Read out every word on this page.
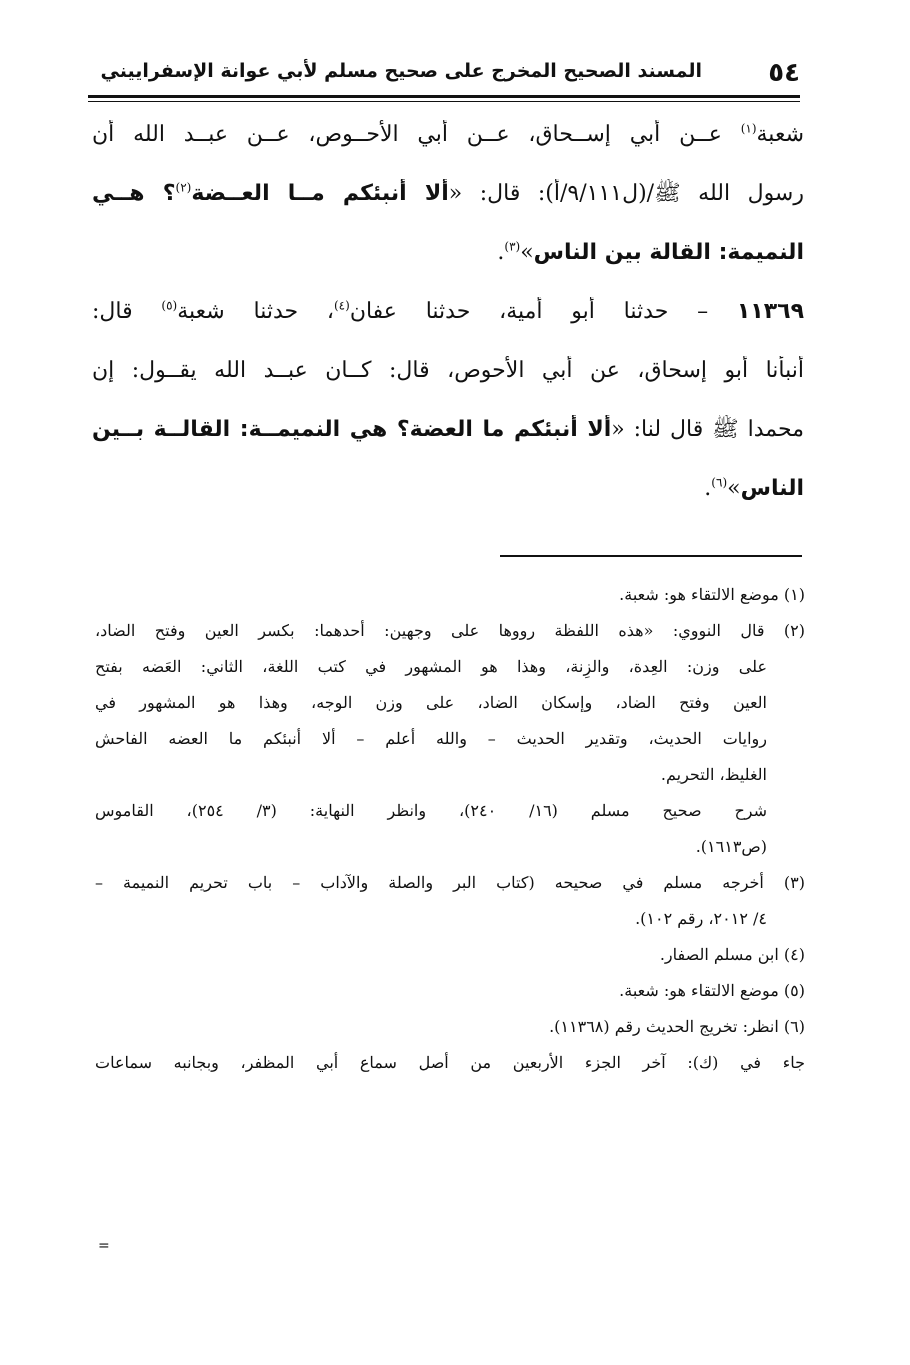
٥٤
المسند الصحيح المخرج على صحيح مسلم لأبي عوانة الإسفراييني
شعبة$^{(١)}$ عــن أبي إســحاق، عــن أبي الأحــوص، عــن عبــد الله أن
رسول الله ﷺ/(ل٩/١١١/أ): قال: «ألا أنبئكم مــا العــضة$^{(٢)}$؟ هــي
النميمة: القالة بين الناس»$^{(٣)}$.
١١٣٦٩ – حدثنا أبو أمية، حدثنا عفان$^{(٤)}$، حدثنا شعبة$^{(٥)}$ قال:
أنبأنا أبو إسحاق، عن أبي الأحوص، قال: كــان عبــد الله يقــول: إن
محمدا ﷺ قال لنا: «ألا أنبئكم ما العضة؟ هي النميمــة: القالــة بــين
الناس»$^{(٦)}$.
(١) موضع الالتقاء هو: شعبة.
(٢) قال النووي: «هذه اللفظة رووها على وجهين: أحدهما: بكسر العين وفتح الضاد،
على وزن: العِدة، والزِنة، وهذا هو المشهور في كتب اللغة، الثاني: العَضه بفتح
العين وفتح الضاد، وإسكان الضاد، على وزن الوجه، وهذا هو المشهور في
روايات الحديث، وتقدير الحديث – والله أعلم – ألا أنبئكم ما العضه الفاحش
الغليظ، التحريم.
شرح صحيح مسلم (١٦/ ٢٤٠)، وانظر النهاية: (٣/ ٢٥٤)، القاموس
(ص١٦١٣).
(٣) أخرجه مسلم في صحيحه (كتاب البر والصلة والآداب – باب تحريم النميمة –
٤/ ٢٠١٢، رقم ١٠٢).
(٤) ابن مسلم الصفار.
(٥) موضع الالتقاء هو: شعبة.
(٦) انظر: تخريج الحديث رقم (١١٣٦٨).
جاء في (ك): آخر الجزء الأربعين من أصل سماع أبي المظفر، وبجانبه سماعات
=
